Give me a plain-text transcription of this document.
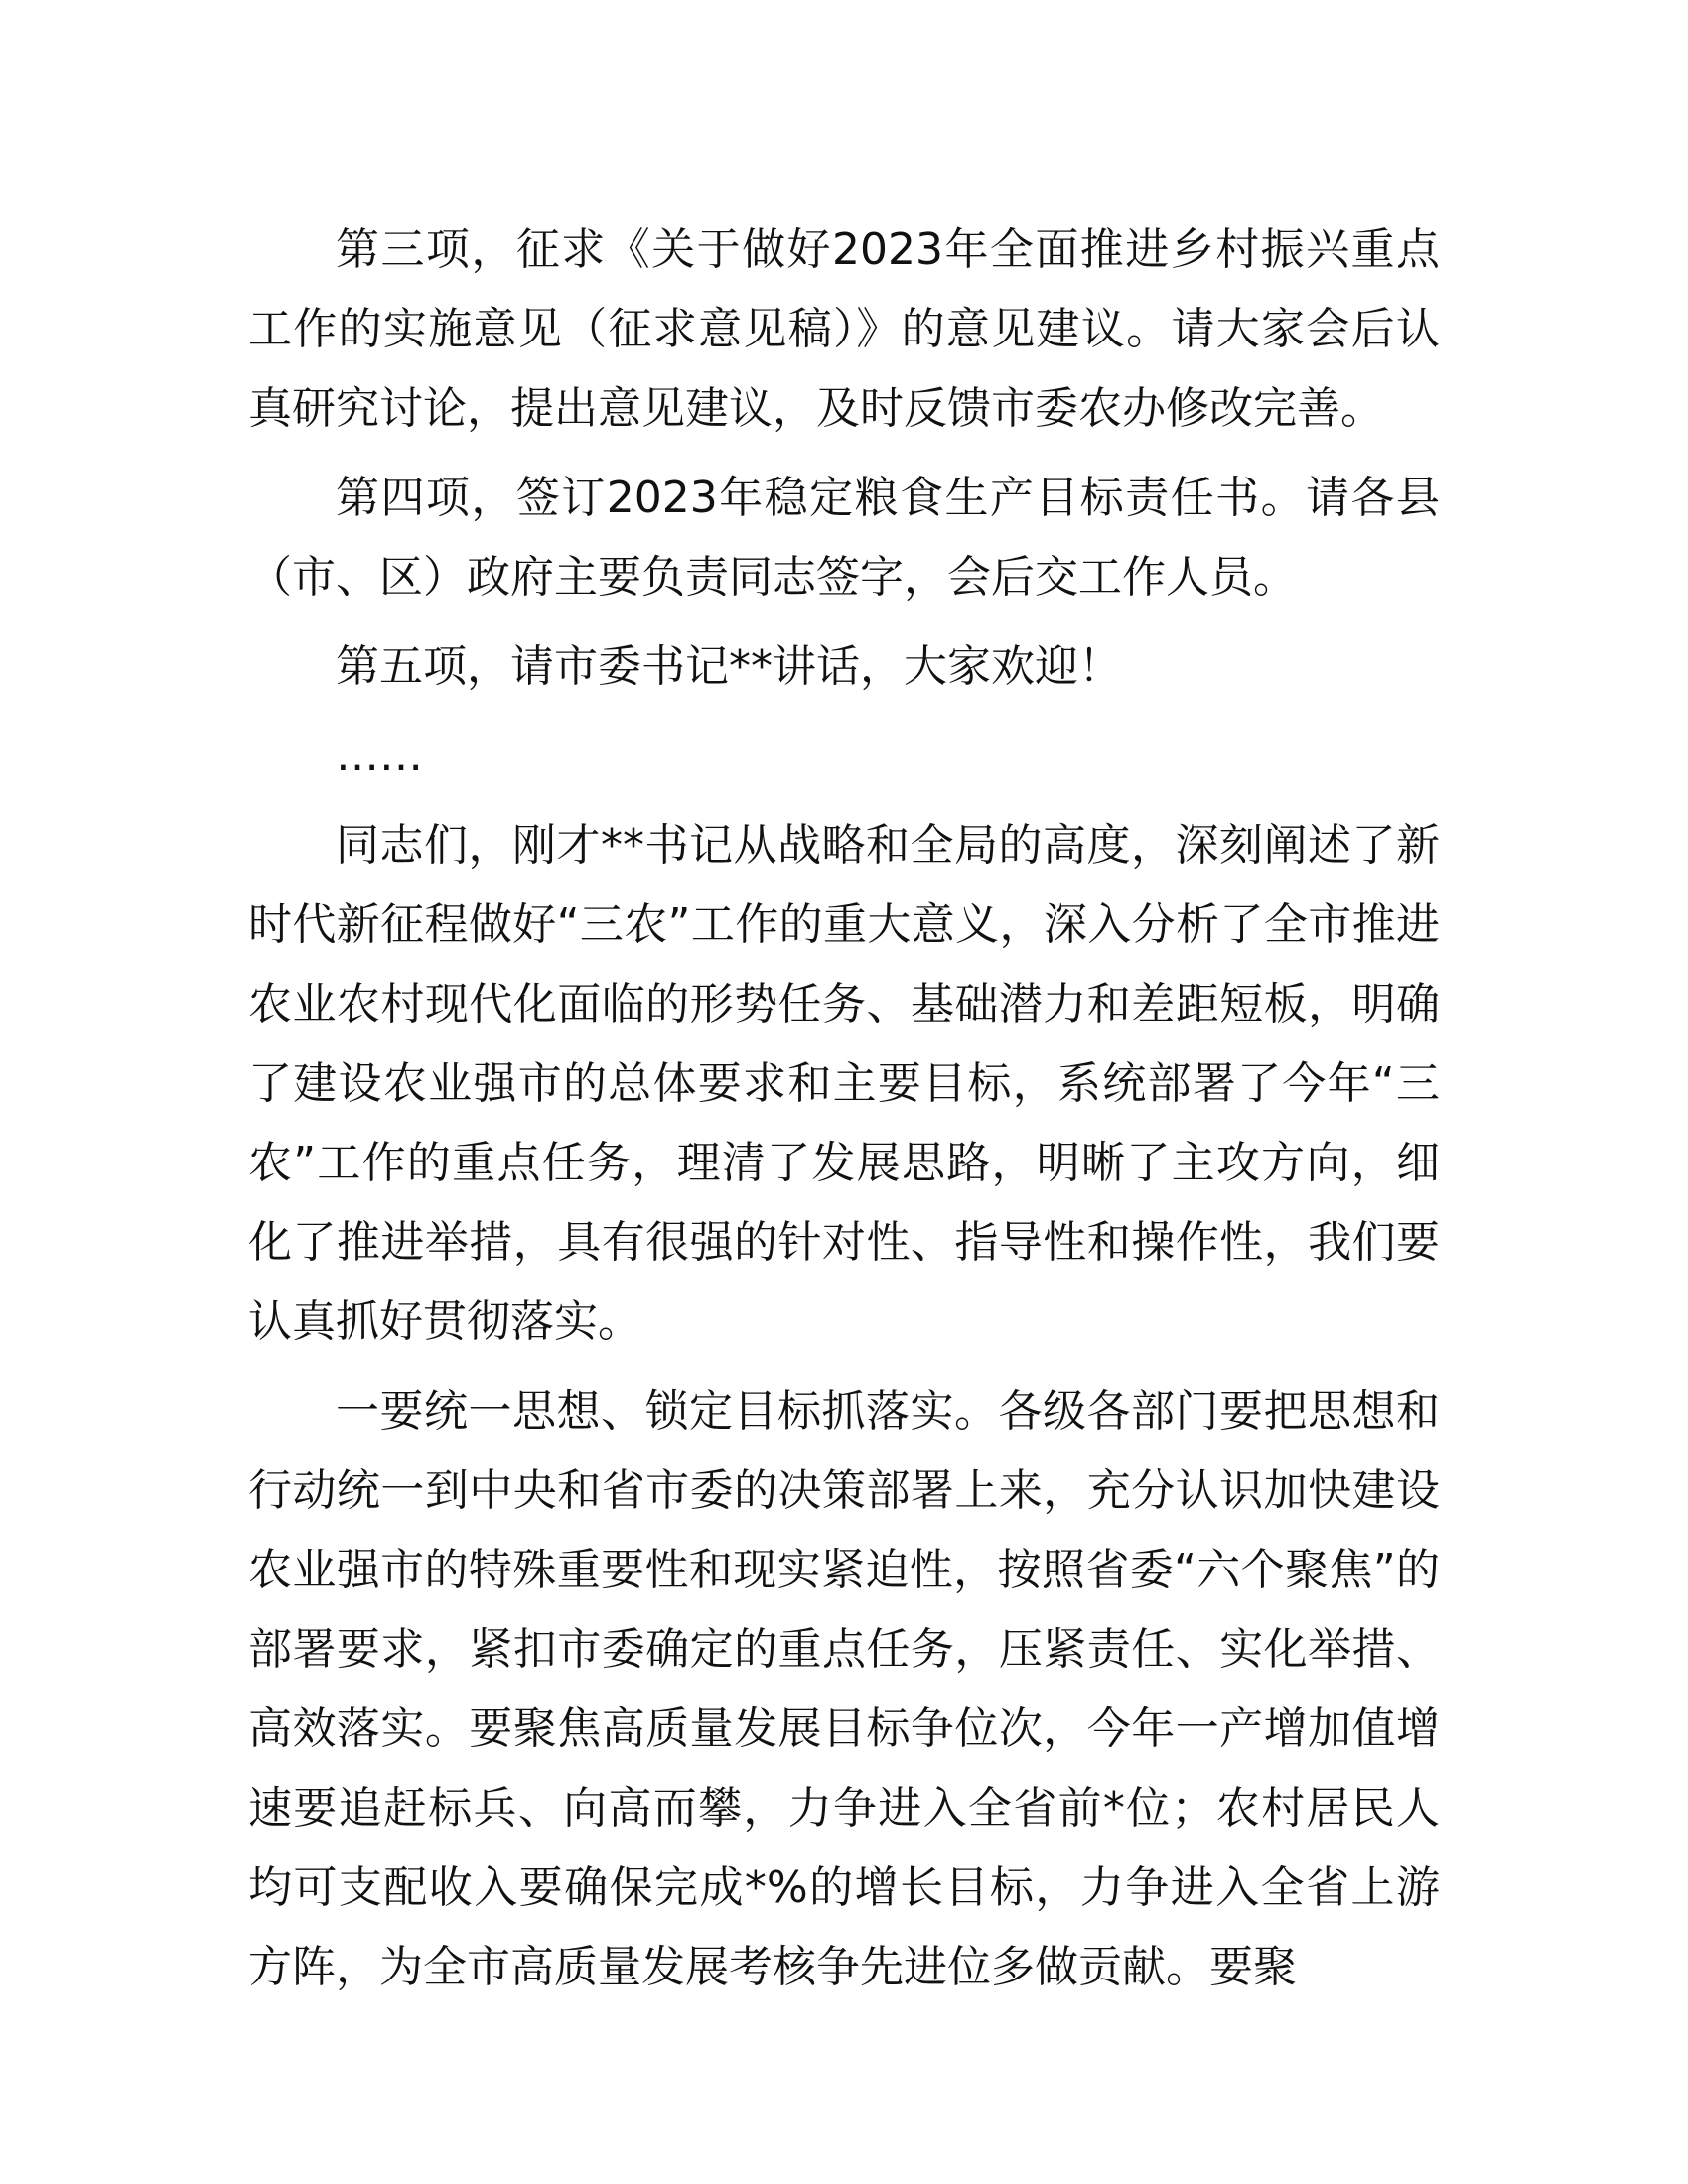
第三项，征求《关于做好2023年全面推进乡村振兴重点工作的实施意见（征求意见稿）》的意见建议。请大家会后认真研究讨论，提出意见建议，及时反馈市委农办修改完善。

第四项，签订2023年稳定粮食生产目标责任书。请各县（市、区）政府主要负责同志签字，会后交工作人员。

第五项，请市委书记**讲话，大家欢迎！

……

同志们，刚才**书记从战略和全局的高度，深刻阐述了新时代新征程做好“三农”工作的重大意义，深入分析了全市推进农业农村现代化面临的形势任务、基础潜力和差距短板，明确了建设农业强市的总体要求和主要目标，系统部署了今年“三农”工作的重点任务，理清了发展思路，明晰了主攻方向，细化了推进举措，具有很强的针对性、指导性和操作性，我们要认真抓好贯彻落实。

一要统一思想、锁定目标抓落实。各级各部门要把思想和行动统一到中央和省市委的决策部署上来，充分认识加快建设农业强市的特殊重要性和现实紧迫性，按照省委“六个聚焦”的部署要求，紧扣市委确定的重点任务，压紧责任、实化举措、高效落实。要聚焦高质量发展目标争位次，今年一产增加值增速要追赶标兵、向高而攀，力争进入全省前*位；农村居民人均可支配收入要确保完成*%的增长目标，力争进入全省上游方阵，为全市高质量发展考核争先进位多做贡献。要聚
